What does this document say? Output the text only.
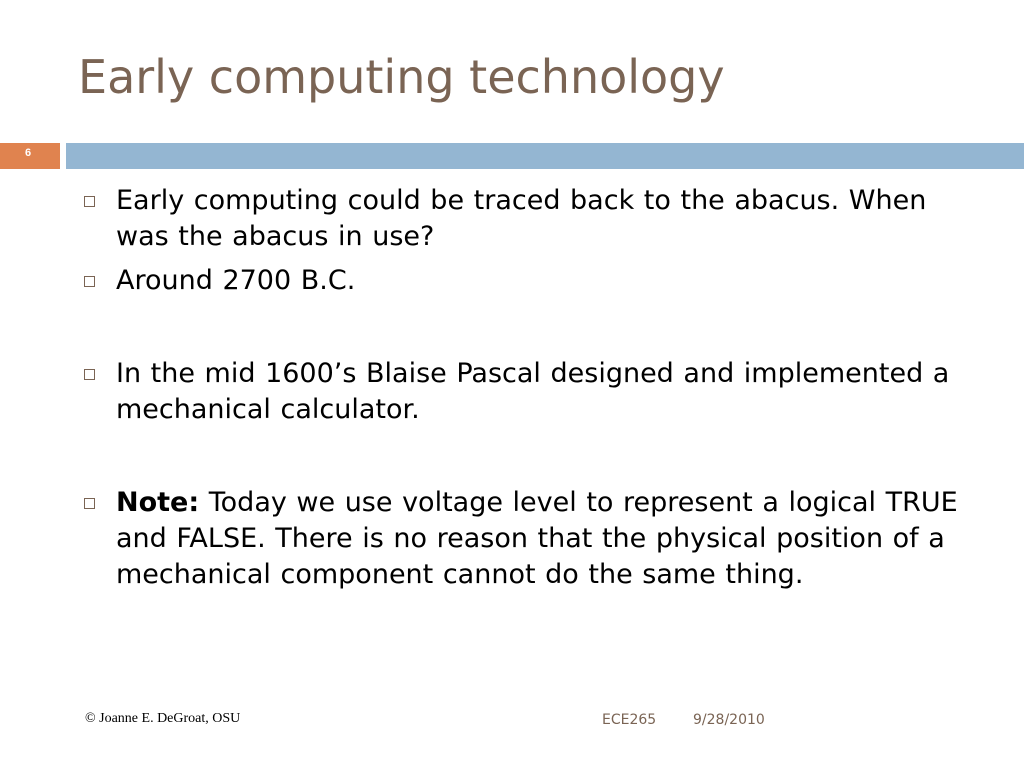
Early computing technology
6
Early computing could be traced back to the abacus. When was the abacus in use?
Around 2700 B.C.
In the mid 1600’s Blaise Pascal designed and implemented a mechanical calculator.
Note: Today we use voltage level to represent a logical TRUE and FALSE. There is no reason that the physical position of a mechanical component cannot do the same thing.
© Joanne E. DeGroat, OSU	ECE265	9/28/2010
